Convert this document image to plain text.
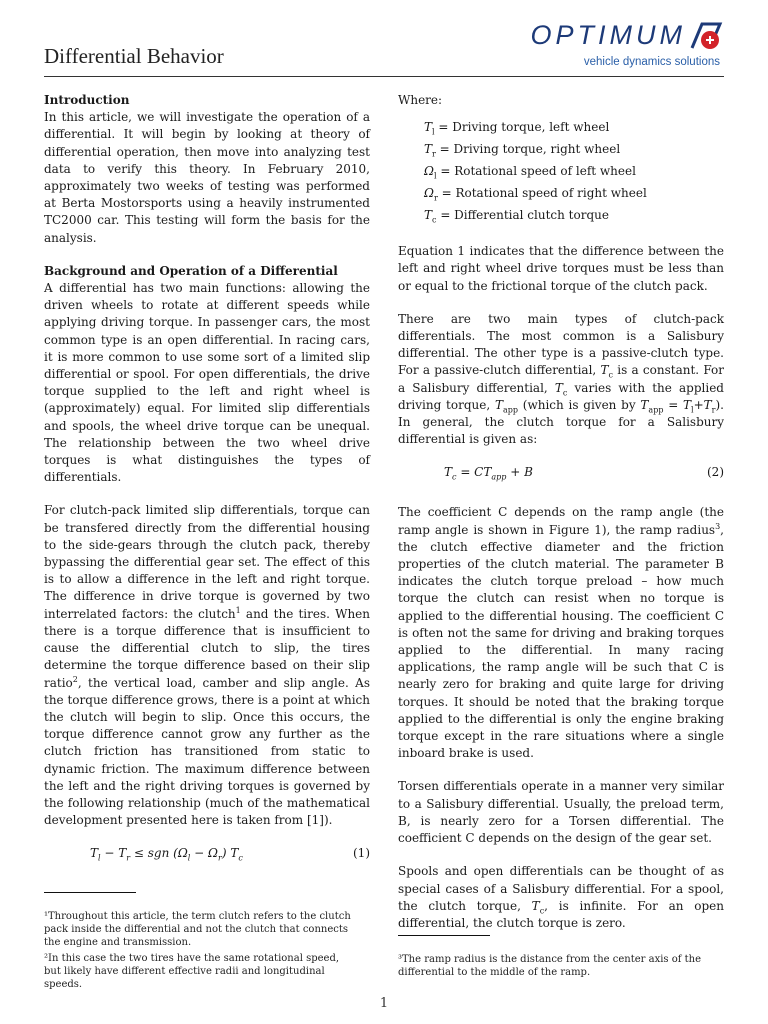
Differential Behavior
OPTIMUM
vehicle dynamics solutions
Introduction
In this article, we will investigate the operation of a differential. It will begin by looking at theory of differential operation, then move into analyzing test data to verify this theory. In February 2010, approximately two weeks of testing was performed at Berta Mostorsports using a heavily instrumented TC2000 car. This testing will form the basis for the analysis.
Background and Operation of a Differential
A differential has two main functions: allowing the driven wheels to rotate at different speeds while applying driving torque. In passenger cars, the most common type is an open differential. In racing cars, it is more common to use some sort of a limited slip differential or spool. For open differentials, the drive torque supplied to the left and right wheel is (approximately) equal. For limited slip differentials and spools, the wheel drive torque can be unequal. The relationship between the two wheel drive torques is what distinguishes the types of differentials.
For clutch-pack limited slip differentials, torque can be transfered directly from the differential housing to the side-gears through the clutch pack, thereby bypassing the differential gear set. The effect of this is to allow a difference in the left and right torque. The difference in drive torque is governed by two interrelated factors: the clutch$^1$ and the tires. When there is a torque difference that is insufficient to cause the differential clutch to slip, the tires determine the torque difference based on their slip ratio$^2$, the vertical load, camber and slip angle. As the torque difference grows, there is a point at which the clutch will begin to slip. Once this occurs, the torque difference cannot grow any further as the clutch friction has transitioned from static to dynamic friction. The maximum difference between the left and the right driving torques is governed by the following relationship (much of the mathematical development presented here is taken from [1]).
$T_l - T_r$ ≤ sgn $(\Omega_l - \Omega_r)$ $T_c$	(1)
¹Throughout this article, the term clutch refers to the clutch pack inside the differential and not the clutch that connects the engine and transmission.
²In this case the two tires have the same rotational speed, but likely have different effective radii and longitudinal speeds.
Where:
$T_l$ = Driving torque, left wheel
$T_r$ = Driving torque, right wheel
$\Omega_l$ = Rotational speed of left wheel
$\Omega_r$ = Rotational speed of right wheel
$T_c$ = Differential clutch torque
Equation 1 indicates that the difference between the left and right wheel drive torques must be less than or equal to the frictional torque of the clutch pack.
There are two main types of clutch-pack differentials. The most common is a Salisbury differential. The other type is a passive-clutch type. For a passive-clutch differential, $T_c$ is a constant. For a Salisbury differential, $T_c$ varies with the applied driving torque, $T_{app}$ (which is given by $T_{app} = T_l+T_r$). In general, the clutch torque for a Salisbury differential is given as:
$T_c = CT_{app} + B$	(2)
The coefficient C depends on the ramp angle (the ramp angle is shown in Figure 1), the ramp radius$^3$, the clutch effective diameter and the friction properties of the clutch material. The parameter B indicates the clutch torque preload – how much torque the clutch can resist when no torque is applied to the differential housing. The coefficient C is often not the same for driving and braking torques applied to the differential. In many racing applications, the ramp angle will be such that C is nearly zero for braking and quite large for driving torques. It should be noted that the braking torque applied to the differential is only the engine braking torque except in the rare situations where a single inboard brake is used.
Torsen differentials operate in a manner very similar to a Salisbury differential. Usually, the preload term, B, is nearly zero for a Torsen differential. The coefficient C depends on the design of the gear set.
Spools and open differentials can be thought of as special cases of a Salisbury differential. For a spool, the clutch torque, $T_c$, is infinite. For an open differential, the clutch torque is zero.
³The ramp radius is the distance from the center axis of the differential to the middle of the ramp.
1
